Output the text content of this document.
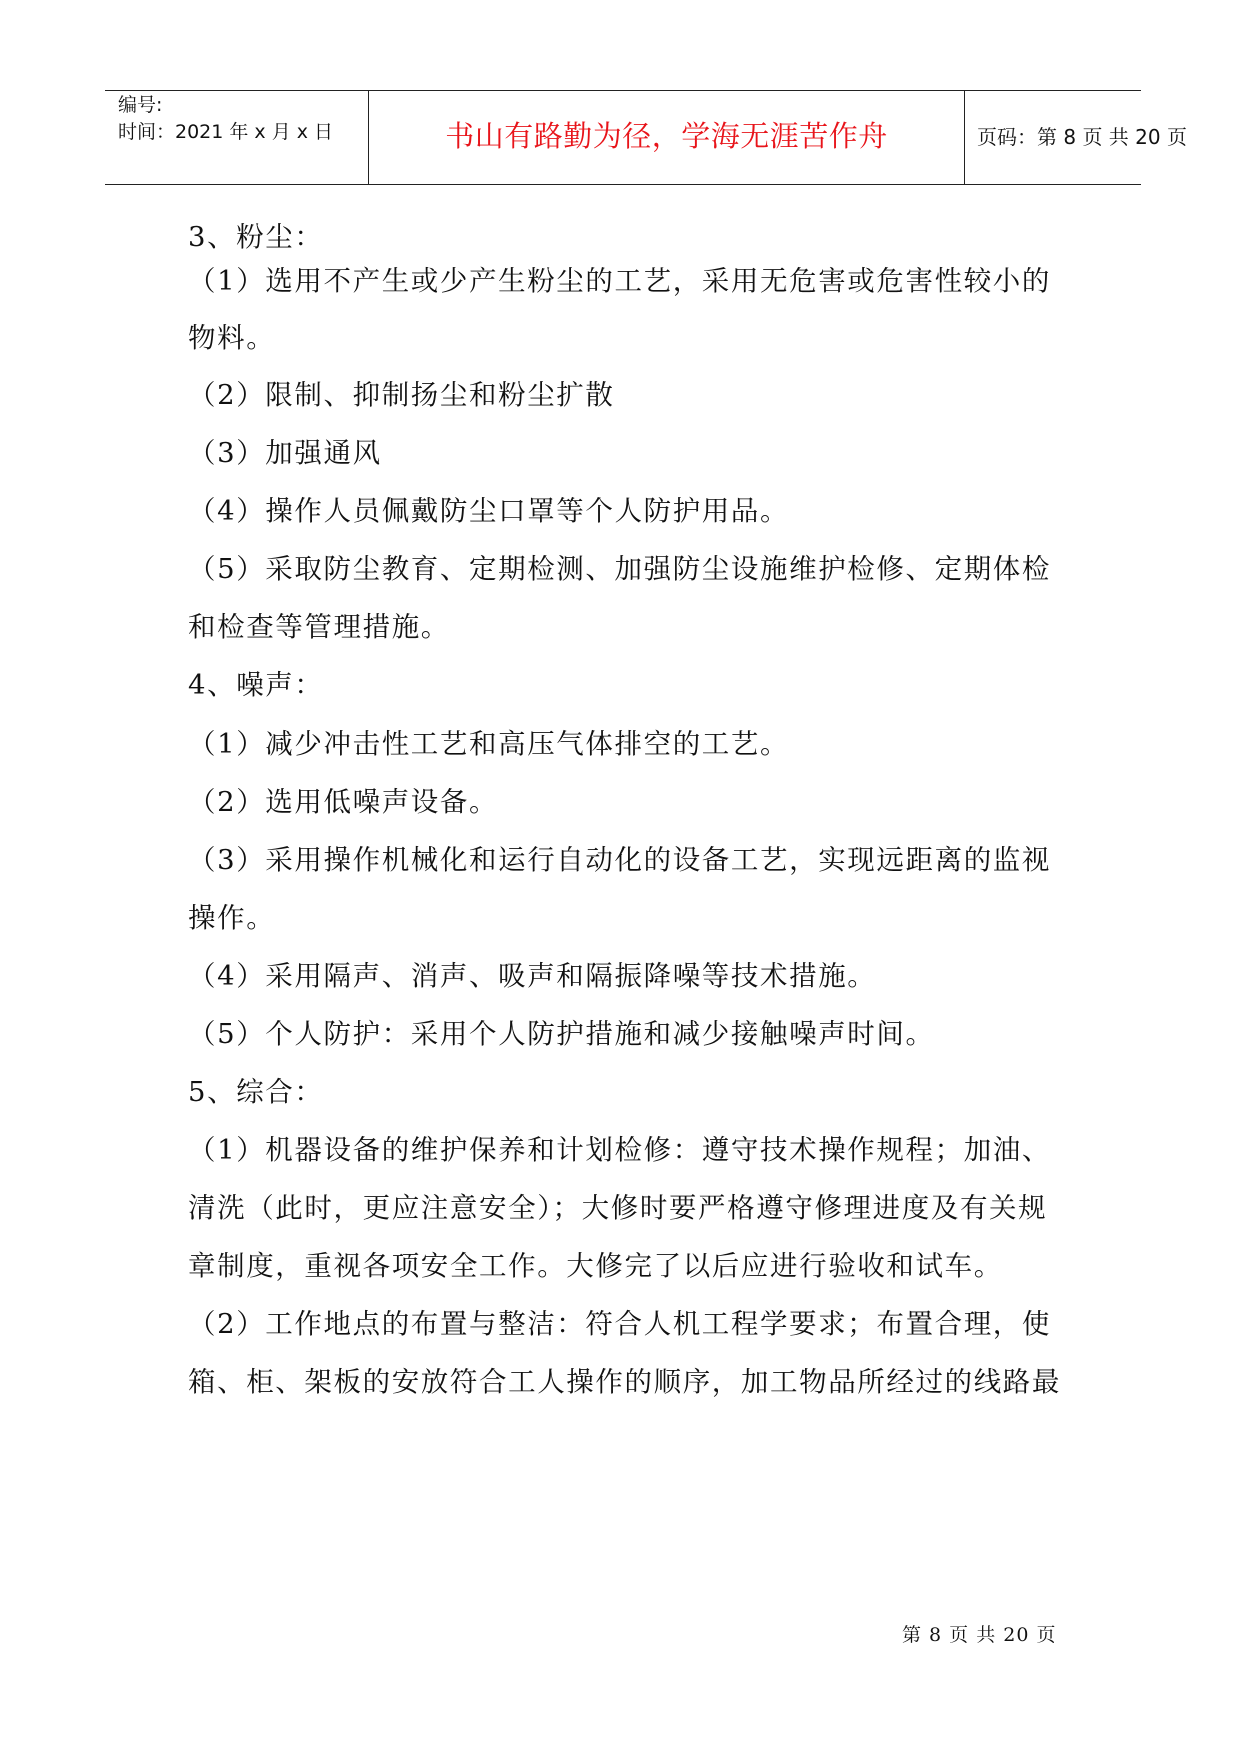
编号:
时间：2021 年 x 月 x 日	书山有路勤为径，学海无涯苦作舟	页码：第 8 页 共 20 页
3、粉尘：
（1）选用不产生或少产生粉尘的工艺，采用无危害或危害性较小的
物料。
（2）限制、抑制扬尘和粉尘扩散
（3）加强通风
（4）操作人员佩戴防尘口罩等个人防护用品。
（5）采取防尘教育、定期检测、加强防尘设施维护检修、定期体检
和检查等管理措施。
4、噪声：
（1）减少冲击性工艺和高压气体排空的工艺。
（2）选用低噪声设备。
（3）采用操作机械化和运行自动化的设备工艺，实现远距离的监视
操作。
（4）采用隔声、消声、吸声和隔振降噪等技术措施。
（5）个人防护：采用个人防护措施和减少接触噪声时间。
5、综合：
（1）机器设备的维护保养和计划检修：遵守技术操作规程；加油、
清洗（此时，更应注意安全）；大修时要严格遵守修理进度及有关规
章制度，重视各项安全工作。大修完了以后应进行验收和试车。
（2）工作地点的布置与整洁：符合人机工程学要求；布置合理，使
箱、柜、架板的安放符合工人操作的顺序，加工物品所经过的线路最
第 8 页 共 20 页
